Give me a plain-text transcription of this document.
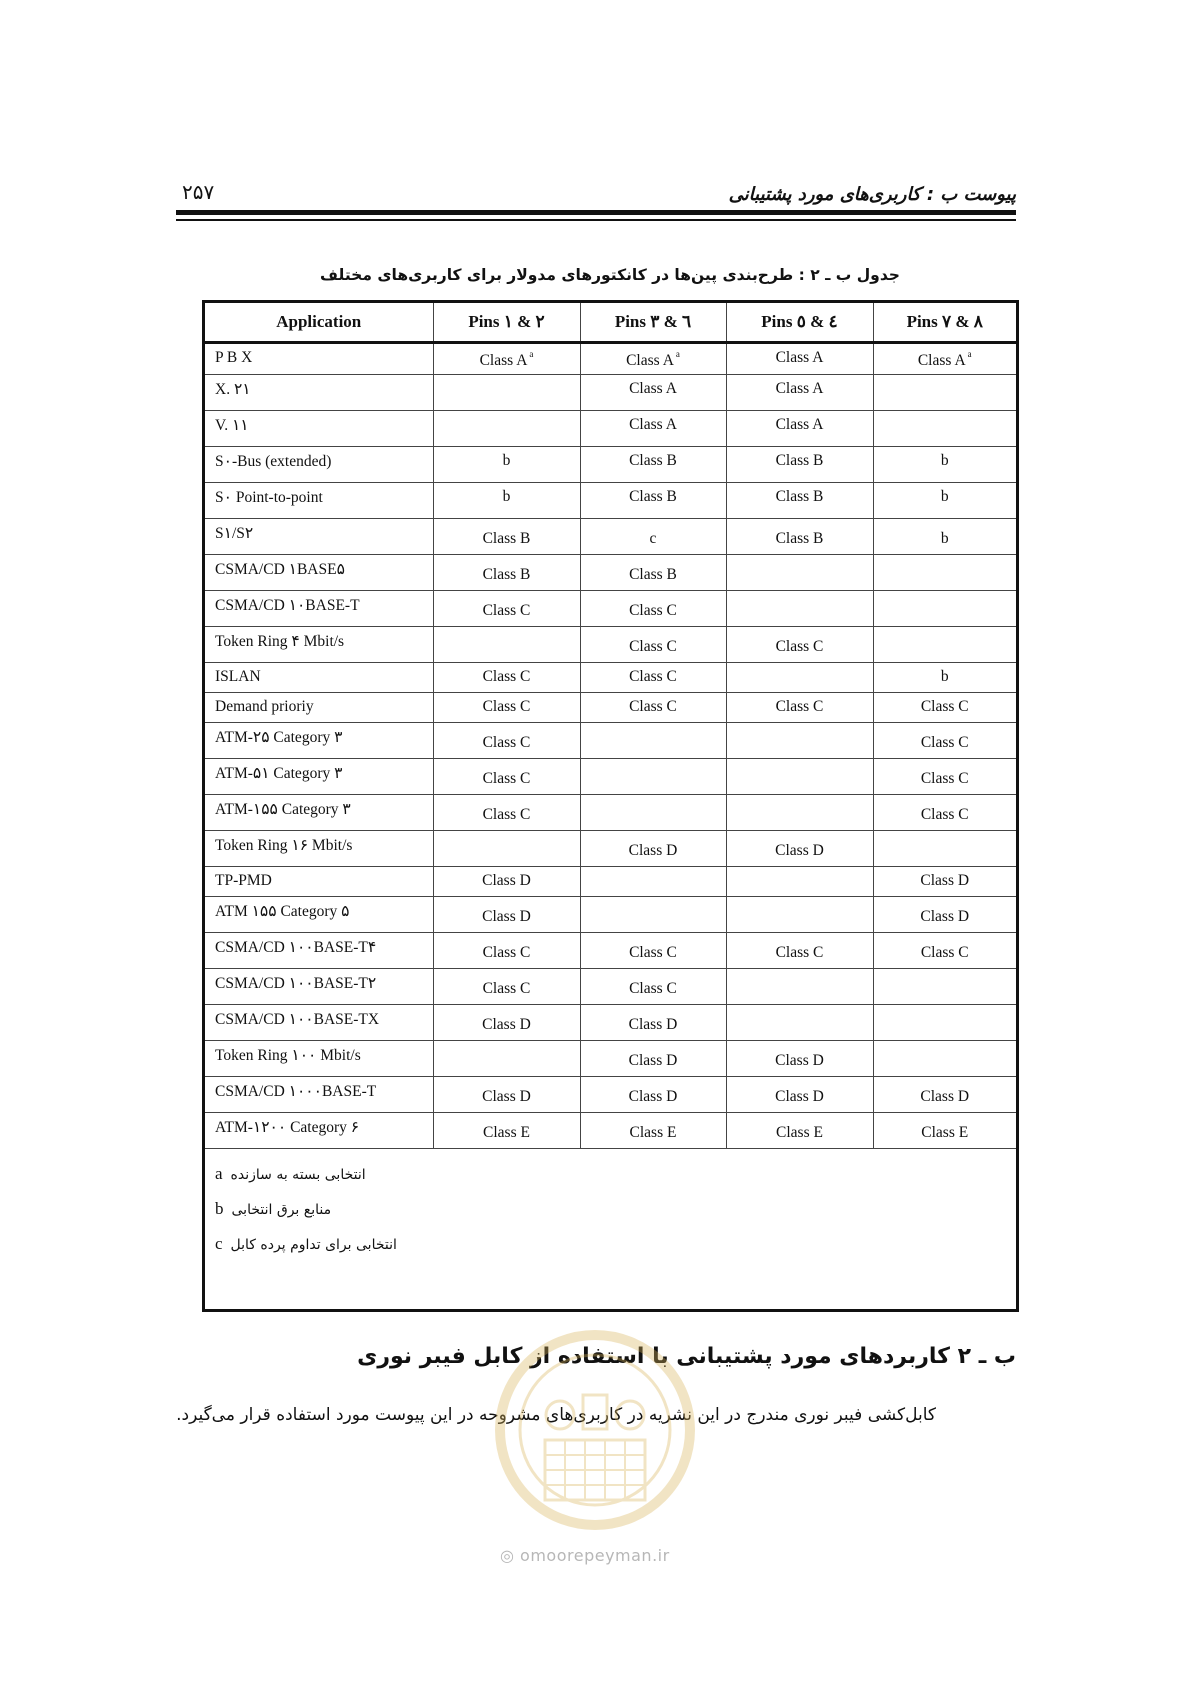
۲۵۷	پیوست ب : کاربری‌های مورد پشتیبانی
جدول ب ـ ۲ : طرح‌بندی پین‌ها در کانکتورهای مدولار برای کاربری‌های مختلف
Application	Pins ۱ & ۲	Pins ۳ & ٦	Pins ٤ & ٥	Pins ۷ & ۸

P B X	Class A $^a$	Class A $^a$	Class A	Class A $^a$

X. ۲۱		Class A	Class A	

V. ۱۱		Class A	Class A	

S۰-Bus (extended)	b	Class B	Class B	b

S۰ Point-to-point	b	Class B	Class B	b

S۱/S۲	Class B	c	Class B	b

CSMA/CD ۱BASE۵	Class B	Class B		

CSMA/CD ۱۰BASE-T	Class C	Class C		

Token Ring ۴ Mbit/s		Class C	Class C	

ISLAN	Class C	Class C		b

Demand prioriy	Class C	Class C	Class C	Class C

ATM-۲۵ Category ۳	Class C			Class C

ATM-۵۱ Category ۳	Class C			Class C

ATM-۱۵۵ Category ۳	Class C			Class C

Token Ring ۱۶ Mbit/s		Class D	Class D	

TP-PMD	Class D			Class D

ATM ۱۵۵ Category ۵	Class D			Class D

CSMA/CD ۱۰۰BASE-T۴	Class C	Class C	Class C	Class C

CSMA/CD ۱۰۰BASE-T۲	Class C	Class C		

CSMA/CD ۱۰۰BASE-TX	Class D	Class D		

Token Ring ۱۰۰ Mbit/s		Class D	Class D	

CSMA/CD ۱۰۰۰BASE-T	Class D	Class D	Class D	Class D

ATM-۱۲۰۰ Category ۶	Class E	Class E	Class E	Class E

a انتخابی بسته به سازنده
b منابع برق انتخابی
c انتخابی برای تداوم پرده کابل				
ب ـ ۲ کاربردهای مورد پشتیبانی با استفاده از کابل فیبر نوری
کابل‌کشی فیبر نوری مندرج در این نشریه در کاربری‌های مشروحه در این پیوست مورد استفاده قرار می‌گیرد.
◎ omoorepeyman.ir
